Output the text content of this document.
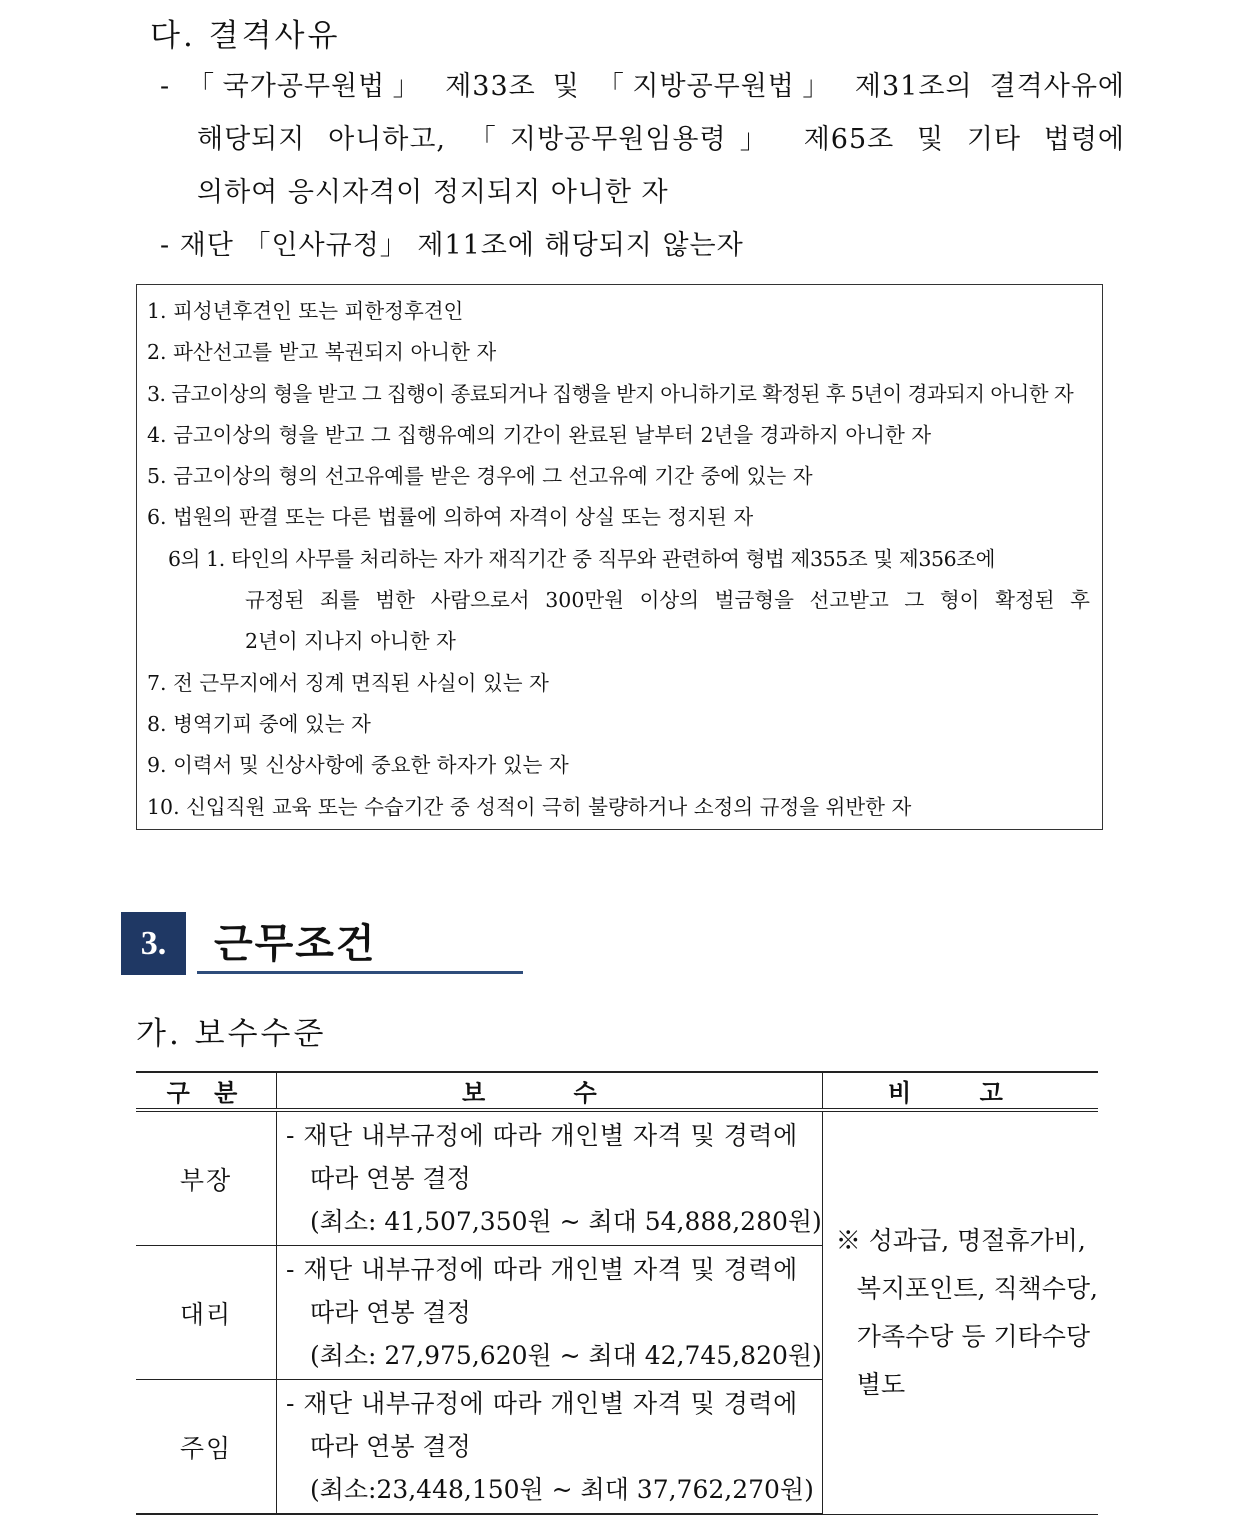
다. 결격사유
- 「국가공무원법」 제33조 및 「지방공무원법」 제31조의 결격사유에
해당되지 아니하고, 「지방공무원임용령」 제65조 및 기타 법령에
의하여 응시자격이 정지되지 아니한 자
- 재단 「인사규정」 제11조에 해당되지 않는자
1. 피성년후견인 또는 피한정후견인
2. 파산선고를 받고 복권되지 아니한 자
3. 금고이상의 형을 받고 그 집행이 종료되거나 집행을 받지 아니하기로 확정된 후 5년이 경과되지 아니한 자
4. 금고이상의 형을 받고 그 집행유예의 기간이 완료된 날부터 2년을 경과하지 아니한 자
5. 금고이상의 형의 선고유예를 받은 경우에 그 선고유예 기간 중에 있는 자
6. 법원의 판결 또는 다른 법률에 의하여 자격이 상실 또는 정지된 자
6의 1. 타인의 사무를 처리하는 자가 재직기간 중 직무와 관련하여 형법 제355조 및 제356조에
규정된 죄를 범한 사람으로서 300만원 이상의 벌금형을 선고받고 그 형이 확정된 후
2년이 지나지 아니한 자
7. 전 근무지에서 징계 면직된 사실이 있는 자
8. 병역기피 중에 있는 자
9. 이력서 및 신상사항에 중요한 하자가 있는 자
10. 신입직원 교육 또는 수습기간 중 성적이 극히 불량하거나 소정의 규정을 위반한 자
3.	근무조건
가. 보수수준
구 분	보 수	비 고
부장	- 재단 내부규정에 따라 개인별 자격 및 경력에
따라 연봉 결정
(최소: 41,507,350원 ~ 최대 54,888,280원)	※ 성과급, 명절휴가비,
복지포인트, 직책수당,
가족수당 등 기타수당
별도

대리	- 재단 내부규정에 따라 개인별 자격 및 경력에
따라 연봉 결정
(최소: 27,975,620원 ~ 최대 42,745,820원)	

주임	- 재단 내부규정에 따라 개인별 자격 및 경력에
따라 연봉 결정
(최소:23,448,150원 ~ 최대 37,762,270원)	
